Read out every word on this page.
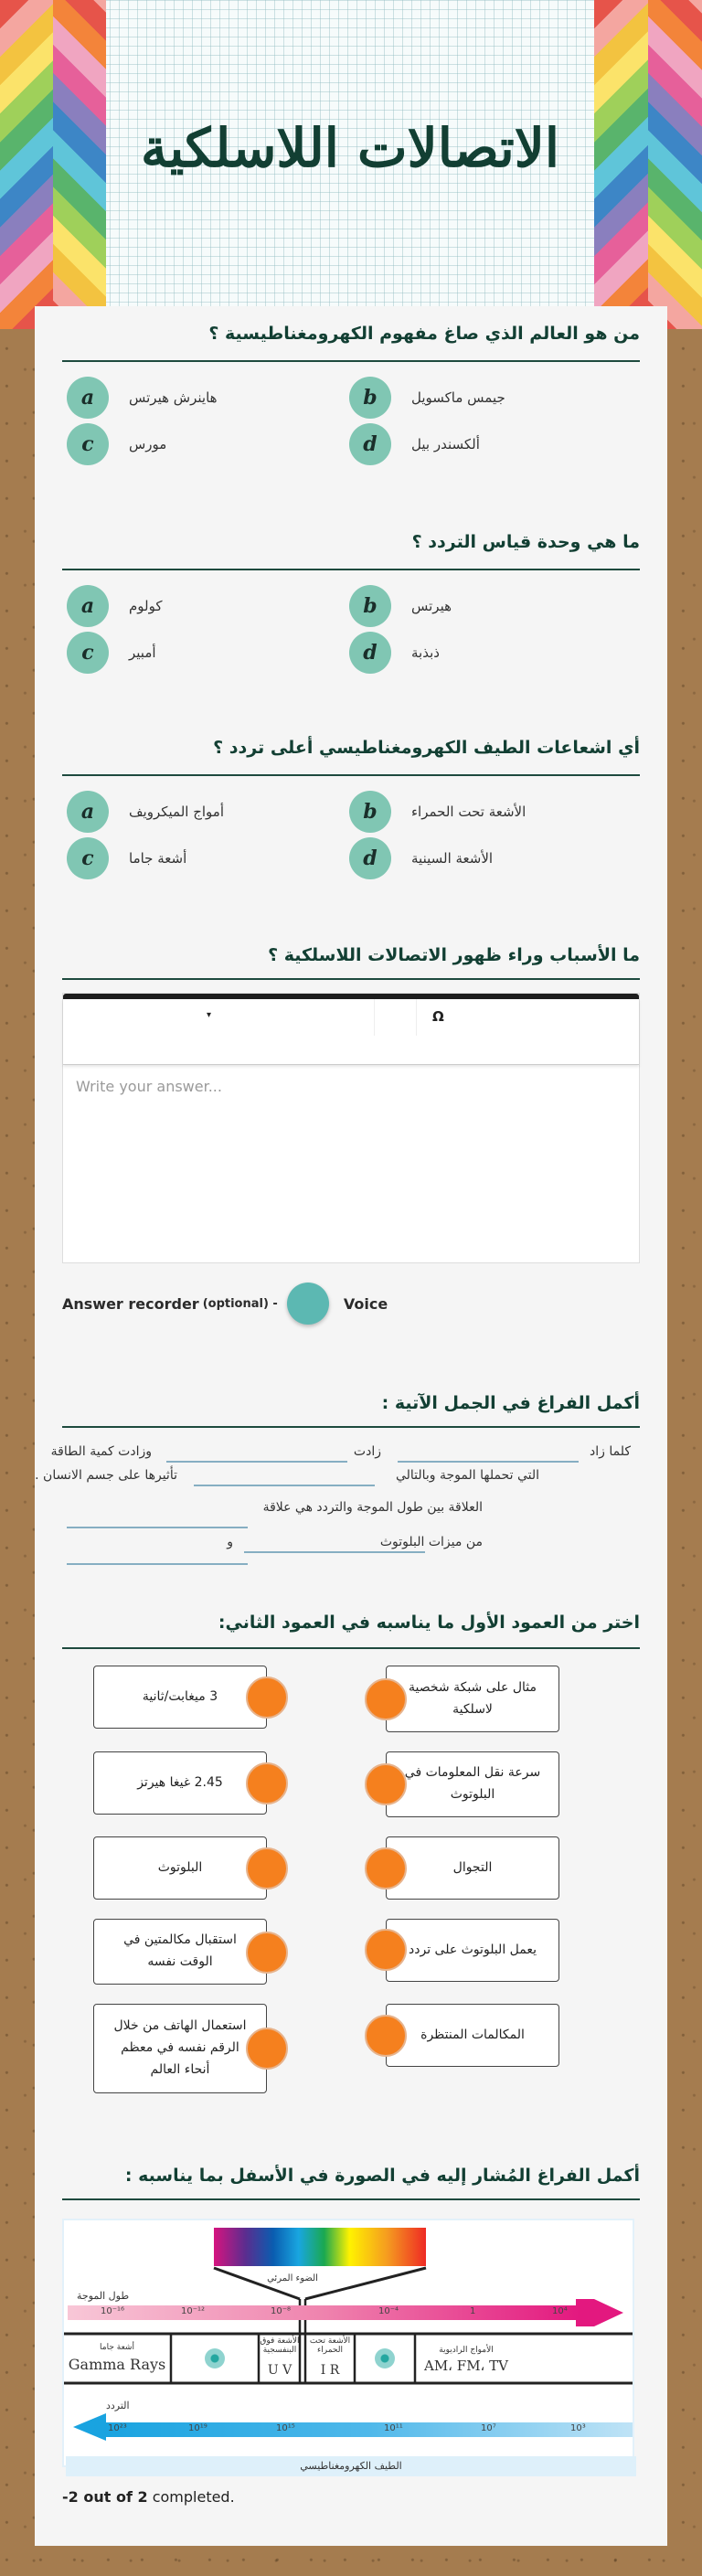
الاتصالات اللاسلكية
من هو العالم الذي صاغ مفهوم الكهرومغناطيسية ؟
a	هاينرش هيرتس	b	جيمس ماكسويل
c	مورس	d	ألكسندر بيل
ما هي وحدة قياس التردد ؟
a	كولوم	b	هيرتس
c	أمبير	d	ذبذبة
أي اشعاعات الطيف الكهرومغناطيسي أعلى تردد ؟
a	أمواج الميكرويف	b	الأشعة تحت الحمراء
c	أشعة جاما	d	الأشعة السينية
ما الأسباب وراء ظهور الاتصالات اللاسلكية ؟
▾	Ω
Write your answer...
Answer recorder (optional) -	Voice
أكمل الفراغ في الجمل الآتية :
كلما زاد
زادت
وزادت كمية الطاقة
التي تحملها الموجة وبالتالي
تأثيرها على جسم الانسان .
العلاقة بين طول الموجة والتردد هي علاقة
من ميزات البلوتوث
و
اختر من العمود الأول ما يناسبه في العمود الثاني:
مثال على شبكة شخصية لاسلكية
سرعة نقل المعلومات في البلوتوث
التجوال
يعمل البلوتوث على تردد
المكالمات المنتظرة
3 ميغابت/ثانية
2.45 غيغا هيرتز
البلوتوث
استقبال مكالمتين في الوقت نفسه
استعمال الهاتف من خلال الرقم نفسه في معظم أنحاء العالم
أكمل الفراغ المُشار إليه في الصورة في الأسفل بما يناسبه :
الضوء المرئي
طول الموجة
10⁻¹⁶	10⁻¹²	10⁻⁸	10⁻⁴	1	10⁴
أشعة جاما
Gamma Rays
الأشعة فوق البنفسجية
U V
الأشعة تحت الحمراء
I R
الأمواج الراديوية
AM، FM، TV
التردد
10²³	10¹⁹	10¹⁵	10¹¹	10⁷	10³
الطيف الكهرومغناطيسي
-2 out of 2 completed.
